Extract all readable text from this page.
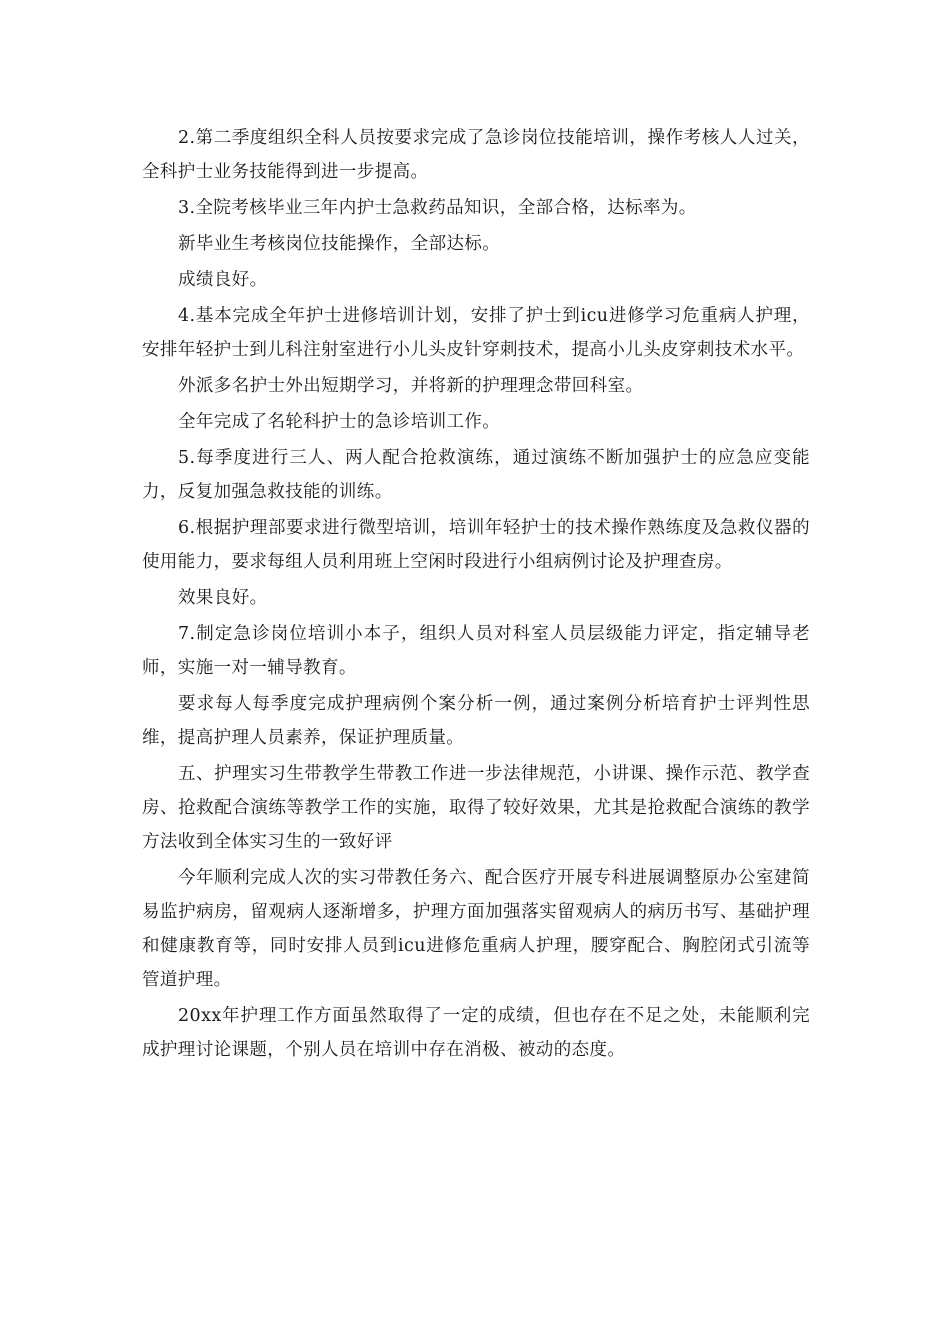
2.第二季度组织全科人员按要求完成了急诊岗位技能培训，操作考核人人过关，全科护士业务技能得到进一步提高。

3.全院考核毕业三年内护士急救药品知识，全部合格，达标率为。

新毕业生考核岗位技能操作，全部达标。

成绩良好。

4.基本完成全年护士进修培训计划，安排了护士到icu进修学习危重病人护理，安排年轻护士到儿科注射室进行小儿头皮针穿刺技术，提高小儿头皮穿刺技术水平。

外派多名护士外出短期学习，并将新的护理理念带回科室。

全年完成了名轮科护士的急诊培训工作。

5.每季度进行三人、两人配合抢救演练，通过演练不断加强护士的应急应变能力，反复加强急救技能的训练。

6.根据护理部要求进行微型培训，培训年轻护士的技术操作熟练度及急救仪器的使用能力，要求每组人员利用班上空闲时段进行小组病例讨论及护理查房。

效果良好。

7.制定急诊岗位培训小本子，组织人员对科室人员层级能力评定，指定辅导老师，实施一对一辅导教育。

要求每人每季度完成护理病例个案分析一例，通过案例分析培育护士评判性思维，提高护理人员素养，保证护理质量。

五、护理实习生带教学生带教工作进一步法律规范，小讲课、操作示范、教学查房、抢救配合演练等教学工作的实施，取得了较好效果，尤其是抢救配合演练的教学方法收到全体实习生的一致好评

今年顺利完成人次的实习带教任务六、配合医疗开展专科进展调整原办公室建简易监护病房，留观病人逐渐增多，护理方面加强落实留观病人的病历书写、基础护理和健康教育等，同时安排人员到icu进修危重病人护理，腰穿配合、胸腔闭式引流等管道护理。

20xx年护理工作方面虽然取得了一定的成绩，但也存在不足之处，未能顺利完成护理讨论课题，个别人员在培训中存在消极、被动的态度。
